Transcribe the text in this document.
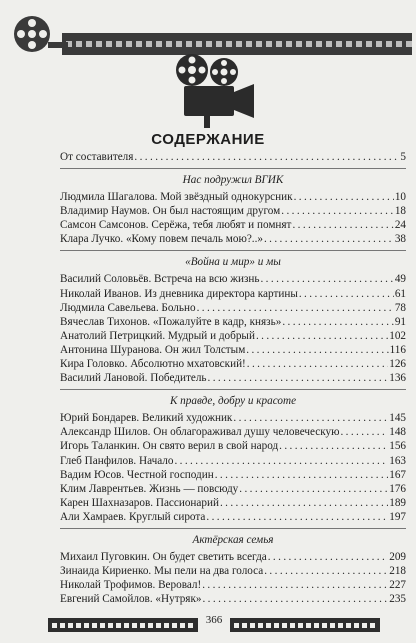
СОДЕРЖАНИЕ
От составителя . . .	5
Нас подружил ВГИК
Людмила Шагалова. Мой звёздный однокурсник . . .	10
Владимир Наумов. Он был настоящим другом . . .	18
Самсон Самсонов. Серёжа, тебя любят и помнят . . .	24
Клара Лучко. «Кому повем печаль мою?..» . . .	38
«Война и мир» и мы
Василий Соловьёв. Встреча на всю жизнь . . .	49
Николай Иванов. Из дневника директора картины . . .	61
Людмила Савельева. Больно . . .	78
Вячеслав Тихонов. «Пожалуйте в кадр, князь» . . .	91
Анатолий Петрицкий. Мудрый и добрый . . .	102
Антонина Шуранова. Он жил Толстым . . .	116
Кира Головко. Абсолютно мхатовский! . . .	126
Василий Лановой. Победитель . . .	136
К правде, добру и красоте
Юрий Бондарев. Великий художник . . .	145
Александр Шилов. Он облагораживал душу человеческую . . .	148
Игорь Таланкин. Он свято верил в свой народ . . .	156
Глеб Панфилов. Начало . . .	163
Вадим Юсов. Честной господин . . .	167
Клим Лаврентьев. Жизнь — повсюду . . .	176
Карен Шахназаров. Пассионарий . . .	189
Али Хамраев. Круглый сирота . . .	197
Актёрская семья
Михаил Пуговкин. Он будет светить всегда . . .	209
Зинаида Кириенко. Мы пели на два голоса . . .	218
Николай Трофимов. Веровал! . . .	227
Евгений Самойлов. «Нутряк» . . .	235
366
